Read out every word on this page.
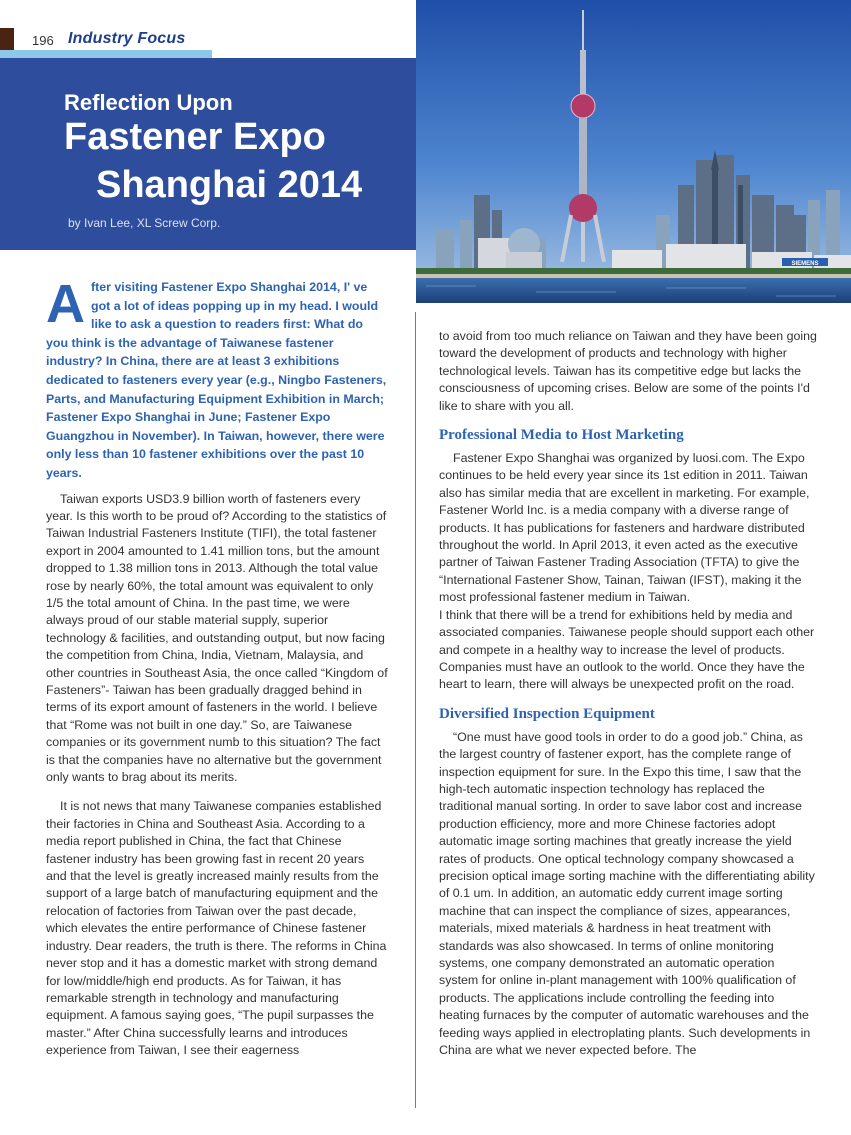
196 Industry Focus
Reflection Upon
Fastener Expo
Shanghai 2014
by Ivan Lee, XL Screw Corp.
SIEMENS

After visiting Fastener Expo Shanghai 2014, I' ve got a lot of ideas popping up in my head. I would like to ask a question to readers first: What do you think is the advantage of Taiwanese fastener industry? In China, there are at least 3 exhibitions dedicated to fasteners every year (e.g., Ningbo Fasteners, Parts, and Manufacturing Equipment Exhibition in March; Fastener Expo Shanghai in June; Fastener Expo Guangzhou in November). In Taiwan, however, there were only less than 10 fastener exhibitions over the past 10 years.

Taiwan exports USD3.9 billion worth of fasteners every year. Is this worth to be proud of? According to the statistics of Taiwan Industrial Fasteners Institute (TIFI), the total fastener export in 2004 amounted to 1.41 million tons, but the amount dropped to 1.38 million tons in 2013. Although the total value rose by nearly 60%, the total amount was equivalent to only 1/5 the total amount of China. In the past time, we were always proud of our stable material supply, superior technology & facilities, and outstanding output, but now facing the competition from China, India, Vietnam, Malaysia, and other countries in Southeast Asia, the once called “Kingdom of Fasteners”- Taiwan has been gradually dragged behind in terms of its export amount of fasteners in the world. I believe that “Rome was not built in one day.” So, are Taiwanese companies or its government numb to this situation? The fact is that the companies have no alternative but the government only wants to brag about its merits.

It is not news that many Taiwanese companies established their factories in China and Southeast Asia. According to a media report published in China, the fact that Chinese fastener industry has been growing fast in recent 20 years and that the level is greatly increased mainly results from the support of a large batch of manufacturing equipment and the relocation of factories from Taiwan over the past decade, which elevates the entire performance of Chinese fastener industry. Dear readers, the truth is there. The reforms in China never stop and it has a domestic market with strong demand for low/middle/high end products. As for Taiwan, it has remarkable strength in technology and manufacturing equipment. A famous saying goes, “The pupil surpasses the master.” After China successfully learns and introduces experience from Taiwan, I see their eagerness

to avoid from too much reliance on Taiwan and they have been going toward the development of products and technology with higher technological levels. Taiwan has its competitive edge but lacks the consciousness of upcoming crises. Below are some of the points I'd like to share with you all.

Professional Media to Host Marketing

Fastener Expo Shanghai was organized by luosi.com. The Expo continues to be held every year since its 1st edition in 2011. Taiwan also has similar media that are excellent in marketing. For example, Fastener World Inc. is a media company with a diverse range of products. It has publications for fasteners and hardware distributed throughout the world. In April 2013, it even acted as the executive partner of Taiwan Fastener Trading Association (TFTA) to give the “International Fastener Show, Tainan, Taiwan (IFST), making it the most professional fastener medium in Taiwan.

I think that there will be a trend for exhibitions held by media and associated companies. Taiwanese people should support each other and compete in a healthy way to increase the level of products. Companies must have an outlook to the world. Once they have the heart to learn, there will always be unexpected profit on the road.

Diversified Inspection Equipment

“One must have good tools in order to do a good job.” China, as the largest country of fastener export, has the complete range of inspection equipment for sure. In the Expo this time, I saw that the high-tech automatic inspection technology has replaced the traditional manual sorting. In order to save labor cost and increase production efficiency, more and more Chinese factories adopt automatic image sorting machines that greatly increase the yield rates of products. One optical technology company showcased a precision optical image sorting machine with the differentiating ability of 0.1 um. In addition, an automatic eddy current image sorting machine that can inspect the compliance of sizes, appearances, materials, mixed materials & hardness in heat treatment with standards was also showcased. In terms of online monitoring systems, one company demonstrated an automatic operation system for online in-plant management with 100% qualification of products. The applications include controlling the feeding into heating furnaces by the computer of automatic warehouses and the feeding ways applied in electroplating plants. Such developments in China are what we never expected before. The
